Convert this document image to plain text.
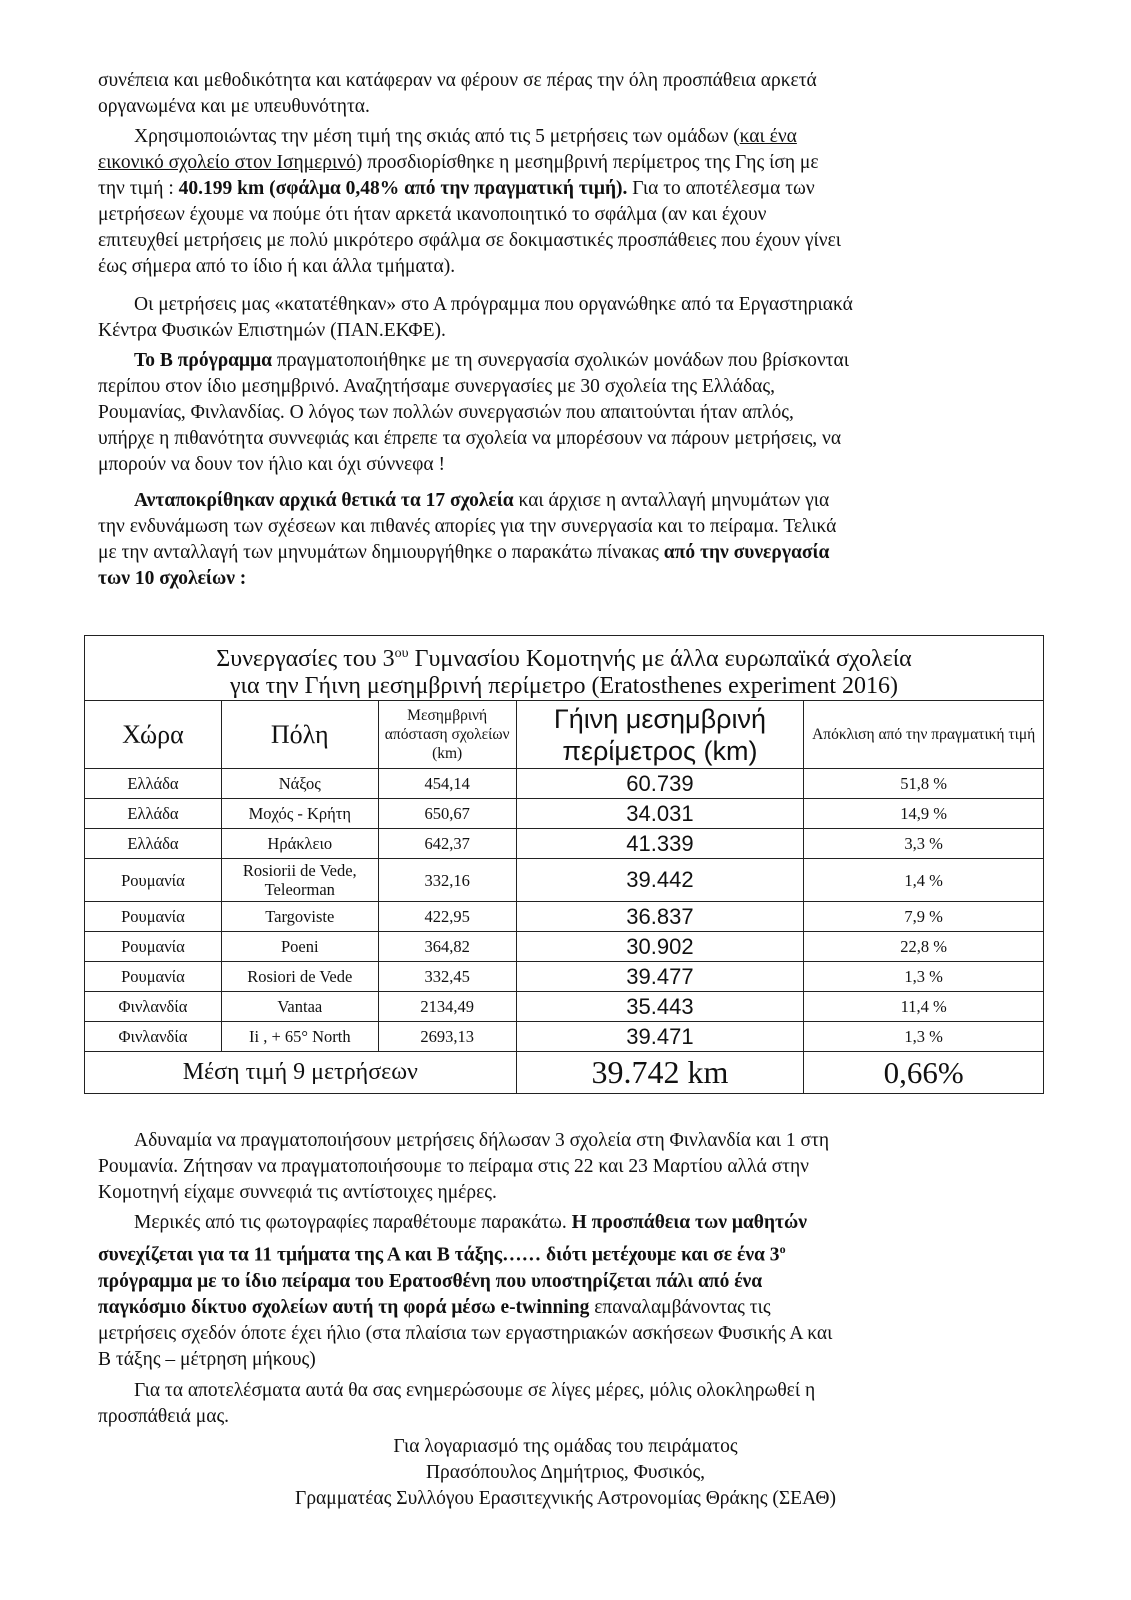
συνέπεια και μεθοδικότητα και κατάφεραν να φέρουν σε πέρας την όλη προσπάθεια αρκετά
οργανωμένα και με υπευθυνότητα.
Χρησιμοποιώντας την μέση τιμή της σκιάς από τις 5 μετρήσεις των ομάδων (και ένα
εικονικό σχολείο στον Ισημερινό) προσδιορίσθηκε η μεσημβρινή περίμετρος της Γης ίση με
την τιμή : 40.199 km (σφάλμα 0,48% από την πραγματική τιμή). Για το αποτέλεσμα των
μετρήσεων έχουμε να πούμε ότι ήταν αρκετά ικανοποιητικό το σφάλμα (αν και έχουν
επιτευχθεί μετρήσεις με πολύ μικρότερο σφάλμα σε δοκιμαστικές προσπάθειες που έχουν γίνει
έως σήμερα από το ίδιο ή και άλλα τμήματα).
Οι μετρήσεις μας «κατατέθηκαν» στο Α πρόγραμμα που οργανώθηκε από τα Εργαστηριακά
Κέντρα Φυσικών Επιστημών (ΠΑΝ.ΕΚΦΕ).
Το Β πρόγραμμα πραγματοποιήθηκε με τη συνεργασία σχολικών μονάδων που βρίσκονται
περίπου στον ίδιο μεσημβρινό. Αναζητήσαμε συνεργασίες με 30 σχολεία της Ελλάδας,
Ρουμανίας, Φινλανδίας. Ο λόγος των πολλών συνεργασιών που απαιτούνται ήταν απλός,
υπήρχε η πιθανότητα συννεφιάς και έπρεπε τα σχολεία να μπορέσουν να πάρουν μετρήσεις, να
μπορούν να δουν τον ήλιο και όχι σύννεφα !
Ανταποκρίθηκαν αρχικά θετικά τα 17 σχολεία και άρχισε η ανταλλαγή μηνυμάτων για
την ενδυνάμωση των σχέσεων και πιθανές απορίες για την συνεργασία και το πείραμα. Τελικά
με την ανταλλαγή των μηνυμάτων δημιουργήθηκε ο παρακάτω πίνακας από την συνεργασία
των 10 σχολείων :
Συνεργασίες του $3^{o\upsilon}$ Γυμνασίου Κομοτηνής με άλλα ευρωπαϊκά σχολεία				
για την Γήινη μεσημβρινή περίμετρο (Eratosthenes experiment 2016)				
Χώρα	Πόλη	Μεσημβρινή απόσταση σχολείων (km)	Γήινη μεσημβρινή περίμετρος (km)	Απόκλιση από την πραγματική τιμή
Ελλάδα	Νάξος	454,14	60.739	51,8 %
Ελλάδα	Μοχός - Κρήτη	650,67	34.031	14,9 %
Ελλάδα	Ηράκλειο	642,37	41.339	3,3 %
Ρουμανία	Rosiorii de Vede, Teleorman	332,16	39.442	1,4 %
Ρουμανία	Targoviste	422,95	36.837	7,9 %
Ρουμανία	Poeni	364,82	30.902	22,8 %
Ρουμανία	Rosiori de Vede	332,45	39.477	1,3 %
Φινλανδία	Vantaa	2134,49	35.443	11,4 %
Φινλανδία	Ii , + 65° North	2693,13	39.471	1,3 %
Μέση τιμή 9 μετρήσεων			39.742 km	0,66%
Αδυναμία να πραγματοποιήσουν μετρήσεις δήλωσαν 3 σχολεία στη Φινλανδία και 1 στη
Ρουμανία. Ζήτησαν να πραγματοποιήσουμε το πείραμα στις 22 και 23 Μαρτίου αλλά στην
Κομοτηνή είχαμε συννεφιά τις αντίστοιχες ημέρες.
Μερικές από τις φωτογραφίες παραθέτουμε παρακάτω. Η προσπάθεια των μαθητών
συνεχίζεται για τα 11 τμήματα της Α και Β τάξης…… διότι μετέχουμε και σε ένα $3^o$
πρόγραμμα με το ίδιο πείραμα του Ερατοσθένη που υποστηρίζεται πάλι από ένα
παγκόσμιο δίκτυο σχολείων αυτή τη φορά μέσω e-twinning επαναλαμβάνοντας τις
μετρήσεις σχεδόν όποτε έχει ήλιο (στα πλαίσια των εργαστηριακών ασκήσεων Φυσικής Α και
Β τάξης – μέτρηση μήκους)
Για τα αποτελέσματα αυτά θα σας ενημερώσουμε σε λίγες μέρες, μόλις ολοκληρωθεί η
προσπάθειά μας.
Για λογαριασμό της ομάδας του πειράματος
Πρασόπουλος Δημήτριος, Φυσικός,
Γραμματέας Συλλόγου Ερασιτεχνικής Αστρονομίας Θράκης (ΣΕΑΘ)
